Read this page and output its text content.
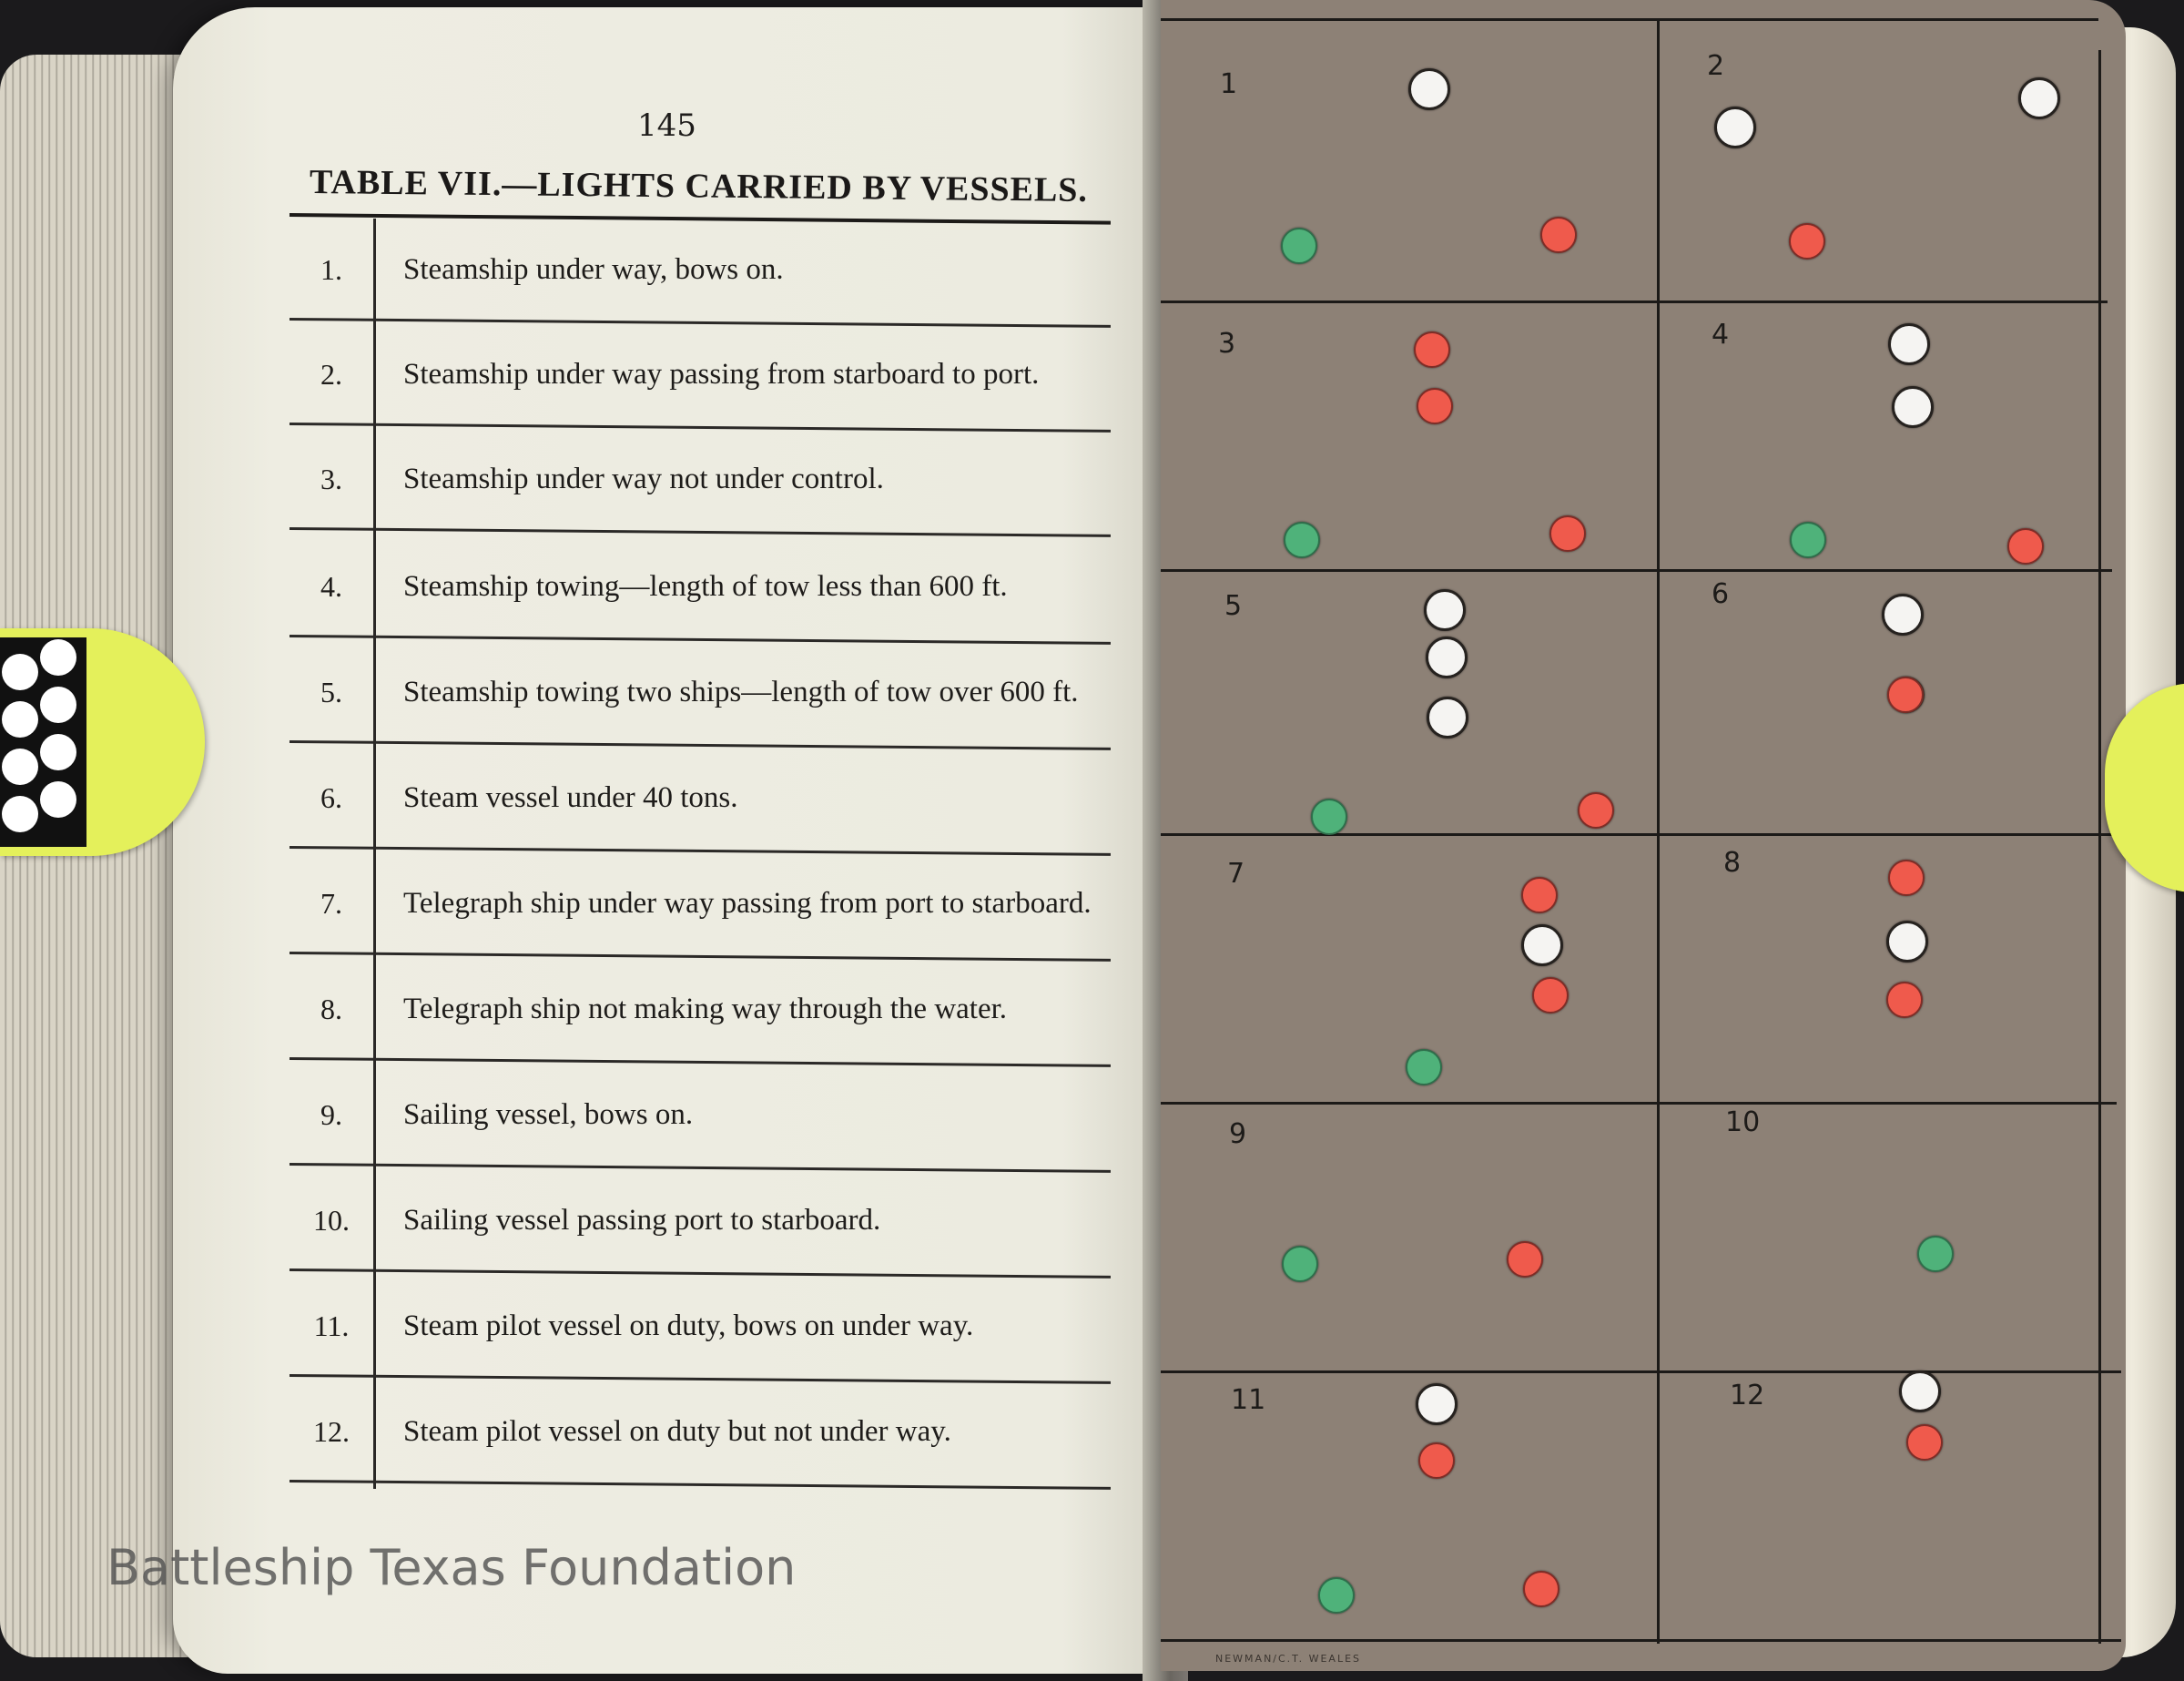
145
TABLE VII.—LIGHTS CARRIED BY VESSELS.
1.	Steamship under way, bows on.
2.	Steamship under way passing from starboard to port.
3.	Steamship under way not under control.
4.	Steamship towing—length of tow less than 600 ft.
5.	Steamship towing two ships—length of tow over 600 ft.
6.	Steam vessel under 40 tons.
7.	Telegraph ship under way passing from port to starboard.
8.	Telegraph ship not making way through the water.
9.	Sailing vessel, bows on.
10.	Sailing vessel passing port to starboard.
11.	Steam pilot vessel on duty, bows on under way.
12.	Steam pilot vessel on duty but not under way.
1
2
3	4
5	6
7	8
9	10
11	12
NEWMAN/C.T. WEALES
Battleship Texas Foundation
